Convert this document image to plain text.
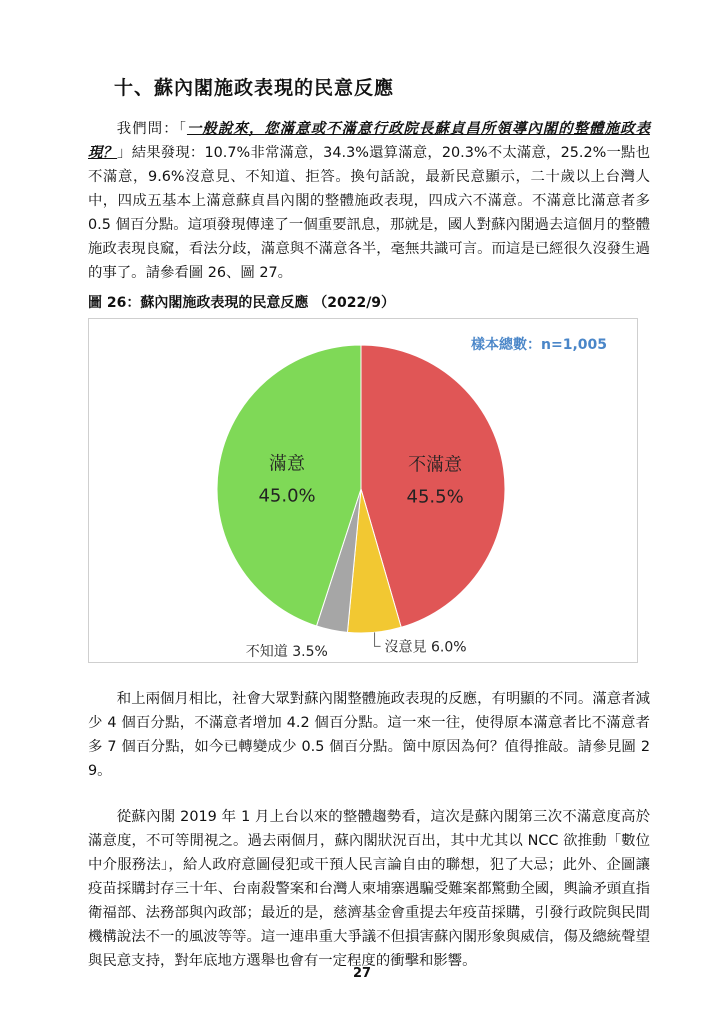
十、蘇內閣施政表現的民意反應

我們問：「一般說來，您滿意或不滿意行政院長蘇貞昌所領導內閣的整體施政表現？」結果發現：10.7%非常滿意，34.3%還算滿意，20.3%不太滿意，25.2%一點也不滿意，9.6%沒意見、不知道、拒答。換句話說，最新民意顯示，二十歲以上台灣人中，四成五基本上滿意蘇貞昌內閣的整體施政表現，四成六不滿意。不滿意比滿意者多 0.5 個百分點。這項發現傳達了一個重要訊息，那就是，國人對蘇內閣過去這個月的整體施政表現良窳，看法分歧，滿意與不滿意各半，毫無共識可言。而這是已經很久沒發生過的事了。請參看圖 26、圖 27。

圖 26：蘇內閣施政表現的民意反應 （2022/9）
樣本總數：n=1,005
不滿意
45.5%
滿意
45.0%
沒意見 6.0%
不知道 3.5%

和上兩個月相比，社會大眾對蘇內閣整體施政表現的反應，有明顯的不同。滿意者減少 4 個百分點，不滿意者增加 4.2 個百分點。這一來一往，使得原本滿意者比不滿意者多 7 個百分點，如今已轉變成少 0.5 個百分點。箇中原因為何？值得推敲。請參見圖 29。

從蘇內閣 2019 年 1 月上台以來的整體趨勢看，這次是蘇內閣第三次不滿意度高於滿意度，不可等閒視之。過去兩個月，蘇內閣狀況百出，其中尤其以 NCC 欲推動「數位中介服務法」，給人政府意圖侵犯或干預人民言論自由的聯想，犯了大忌；此外、企圖讓疫苗採購封存三十年、台南殺警案和台灣人柬埔寨遇騙受難案都驚動全國，輿論矛頭直指衛福部、法務部與內政部；最近的是，慈濟基金會重提去年疫苗採購，引發行政院與民間機構說法不一的風波等等。這一連串重大爭議不但損害蘇內閣形象與威信，傷及總統聲望與民意支持，對年底地方選舉也會有一定程度的衝擊和影響。

27
